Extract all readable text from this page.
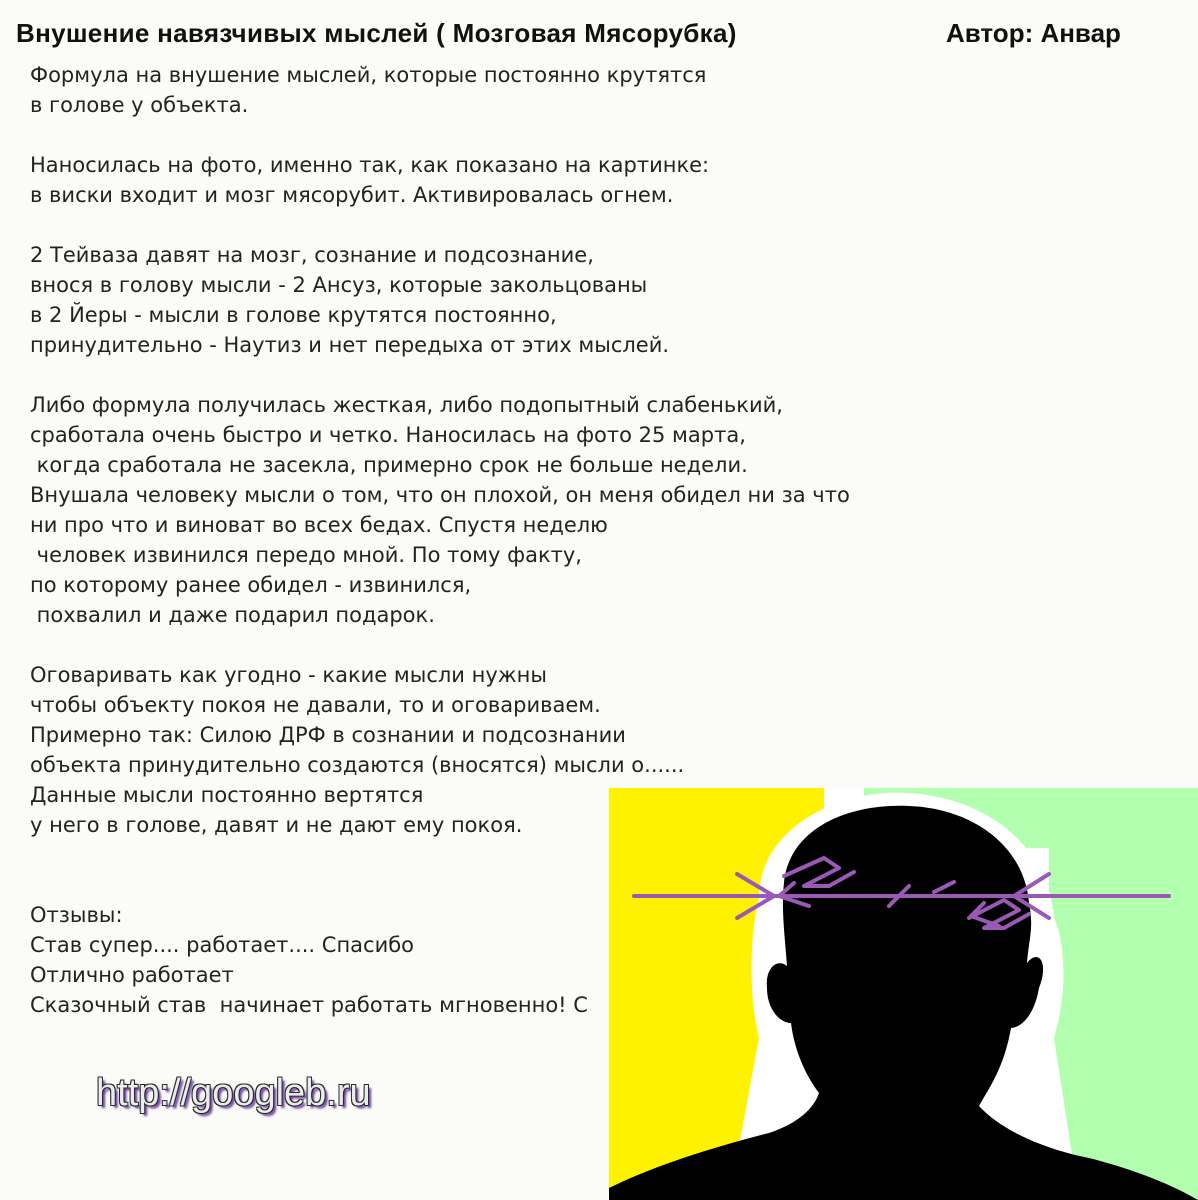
Внушение навязчивых мыслей ( Мозговая Мясорубка)	Автор: Анвар
Формула на внушение мыслей, которые постоянно крутятся
в голове у объекта.
Наносилась на фото, именно так, как показано на картинке:
в виски входит и мозг мясорубит. Активировалась огнем.
2 Тейваза давят на мозг, сознание и подсознание,
внося в голову мысли - 2 Ансуз, которые закольцованы
в 2 Йеры - мысли в голове крутятся постоянно,
принудительно - Наутиз и нет передыха от этих мыслей.
Либо формула получилась жесткая, либо подопытный слабенький,
сработала очень быстро и четко. Наносилась на фото 25 марта,
когда сработала не засекла, примерно срок не больше недели.
Внушала человеку мысли о том, что он плохой, он меня обидел ни за что
ни про что и виноват во всех бедах. Спустя неделю
человек извинился передо мной. По тому факту,
по которому ранее обидел - извинился,
похвалил и даже подарил подарок.
Оговаривать как угодно - какие мысли нужны
чтобы объекту покоя не давали, то и оговариваем.
Примерно так: Силою ДРФ в сознании и подсознании
объекта принудительно создаются (вносятся) мысли о......
Данные мысли постоянно вертятся
у него в голове, давят и не дают ему покоя.
Отзывы:
Став супер.... работает.... Спасибо
Отлично работает
Сказочный став  начинает работать мгновенно! С
http://googleb.ru
